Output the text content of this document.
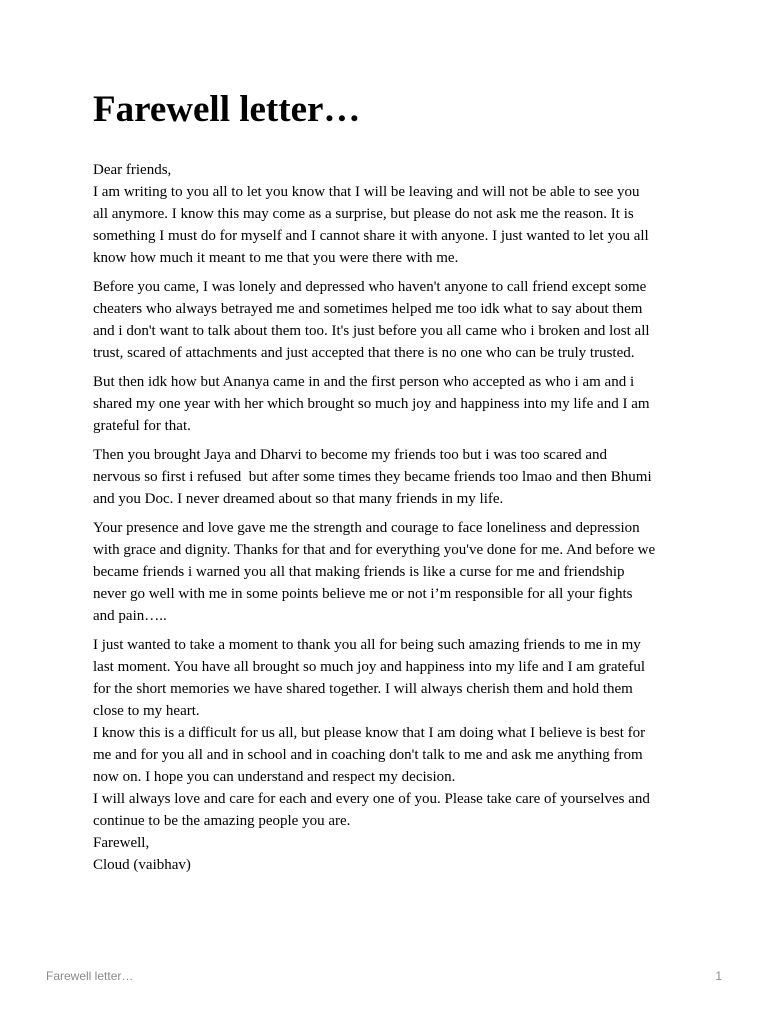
Farewell letter…
Dear friends,
I am writing to you all to let you know that I will be leaving and will not be able to see you
all anymore. I know this may come as a surprise, but please do not ask me the reason. It is
something I must do for myself and I cannot share it with anyone. I just wanted to let you all
know how much it meant to me that you were there with me.
Before you came, I was lonely and depressed who haven't anyone to call friend except some
cheaters who always betrayed me and sometimes helped me too idk what to say about them
and i don't want to talk about them too. It's just before you all came who i broken and lost all
trust, scared of attachments and just accepted that there is no one who can be truly trusted.
But then idk how but Ananya came in and the first person who accepted as who i am and i
shared my one year with her which brought so much joy and happiness into my life and I am
grateful for that.
Then you brought Jaya and Dharvi to become my friends too but i was too scared and
nervous so first i refused  but after some times they became friends too lmao and then Bhumi
and you Doc. I never dreamed about so that many friends in my life.
Your presence and love gave me the strength and courage to face loneliness and depression
with grace and dignity. Thanks for that and for everything you've done for me. And before we
became friends i warned you all that making friends is like a curse for me and friendship
never go well with me in some points believe me or not i’m responsible for all your fights
and pain…..
I just wanted to take a moment to thank you all for being such amazing friends to me in my
last moment. You have all brought so much joy and happiness into my life and I am grateful
for the short memories we have shared together. I will always cherish them and hold them
close to my heart.
I know this is a difficult for us all, but please know that I am doing what I believe is best for
me and for you all and in school and in coaching don't talk to me and ask me anything from
now on. I hope you can understand and respect my decision.
I will always love and care for each and every one of you. Please take care of yourselves and
continue to be the amazing people you are.
Farewell,
Cloud (vaibhav)
Farewell letter…	1
